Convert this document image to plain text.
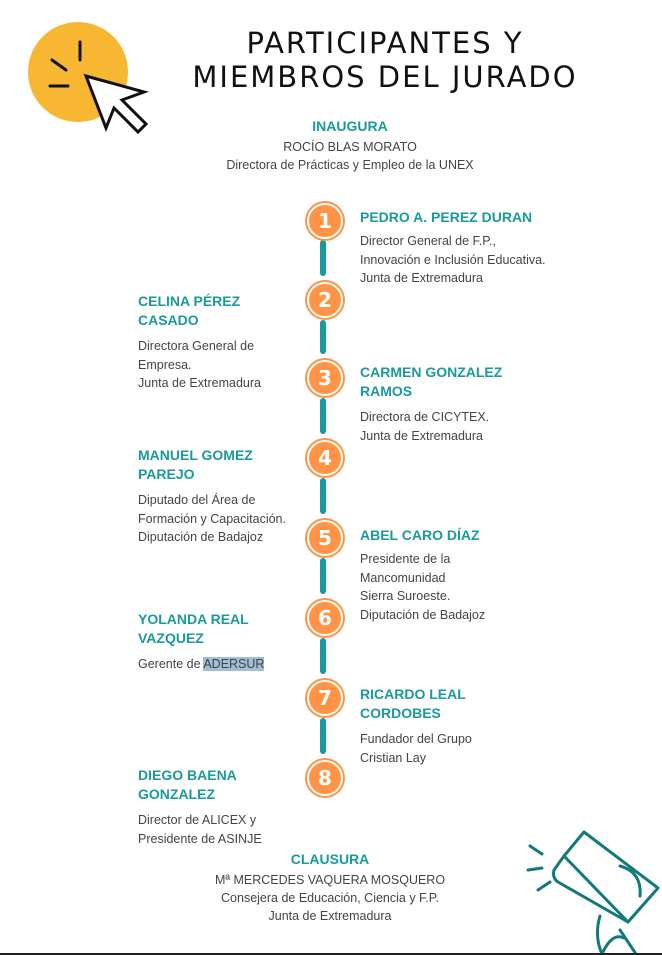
PARTICIPANTES Y
MIEMBROS DEL JURADO
INAUGURA
ROCÍO BLAS MORATO
Directora de Prácticas y Empleo de la UNEX
1
2
3
4
5
6
7
8
PEDRO A. PEREZ DURAN
Director General de F.P.,
Innovación e Inclusión Educativa.
Junta de Extremadura
CELINA PÉREZ
CASADO
Directora General de
Empresa.
Junta de Extremadura
CARMEN GONZALEZ
RAMOS
Directora de CICYTEX.
Junta de Extremadura
MANUEL GOMEZ
PAREJO
Diputado del Área de
Formación y Capacitación.
Diputación de Badajoz	ABEL CARO DÍAZ
Presidente de la
Mancomunidad
Sierra Suroeste.
Diputación de Badajoz
YOLANDA REAL
VAZQUEZ
Gerente de ADERSUR
RICARDO LEAL
CORDOBES
Fundador del Grupo
Cristian Lay
DIEGO BAENA
GONZALEZ
Director de ALICEX y
Presidente de ASINJE
CLAUSURA
Mª MERCEDES VAQUERA MOSQUERO
Consejera de Educación, Ciencia y F.P.
Junta de Extremadura
